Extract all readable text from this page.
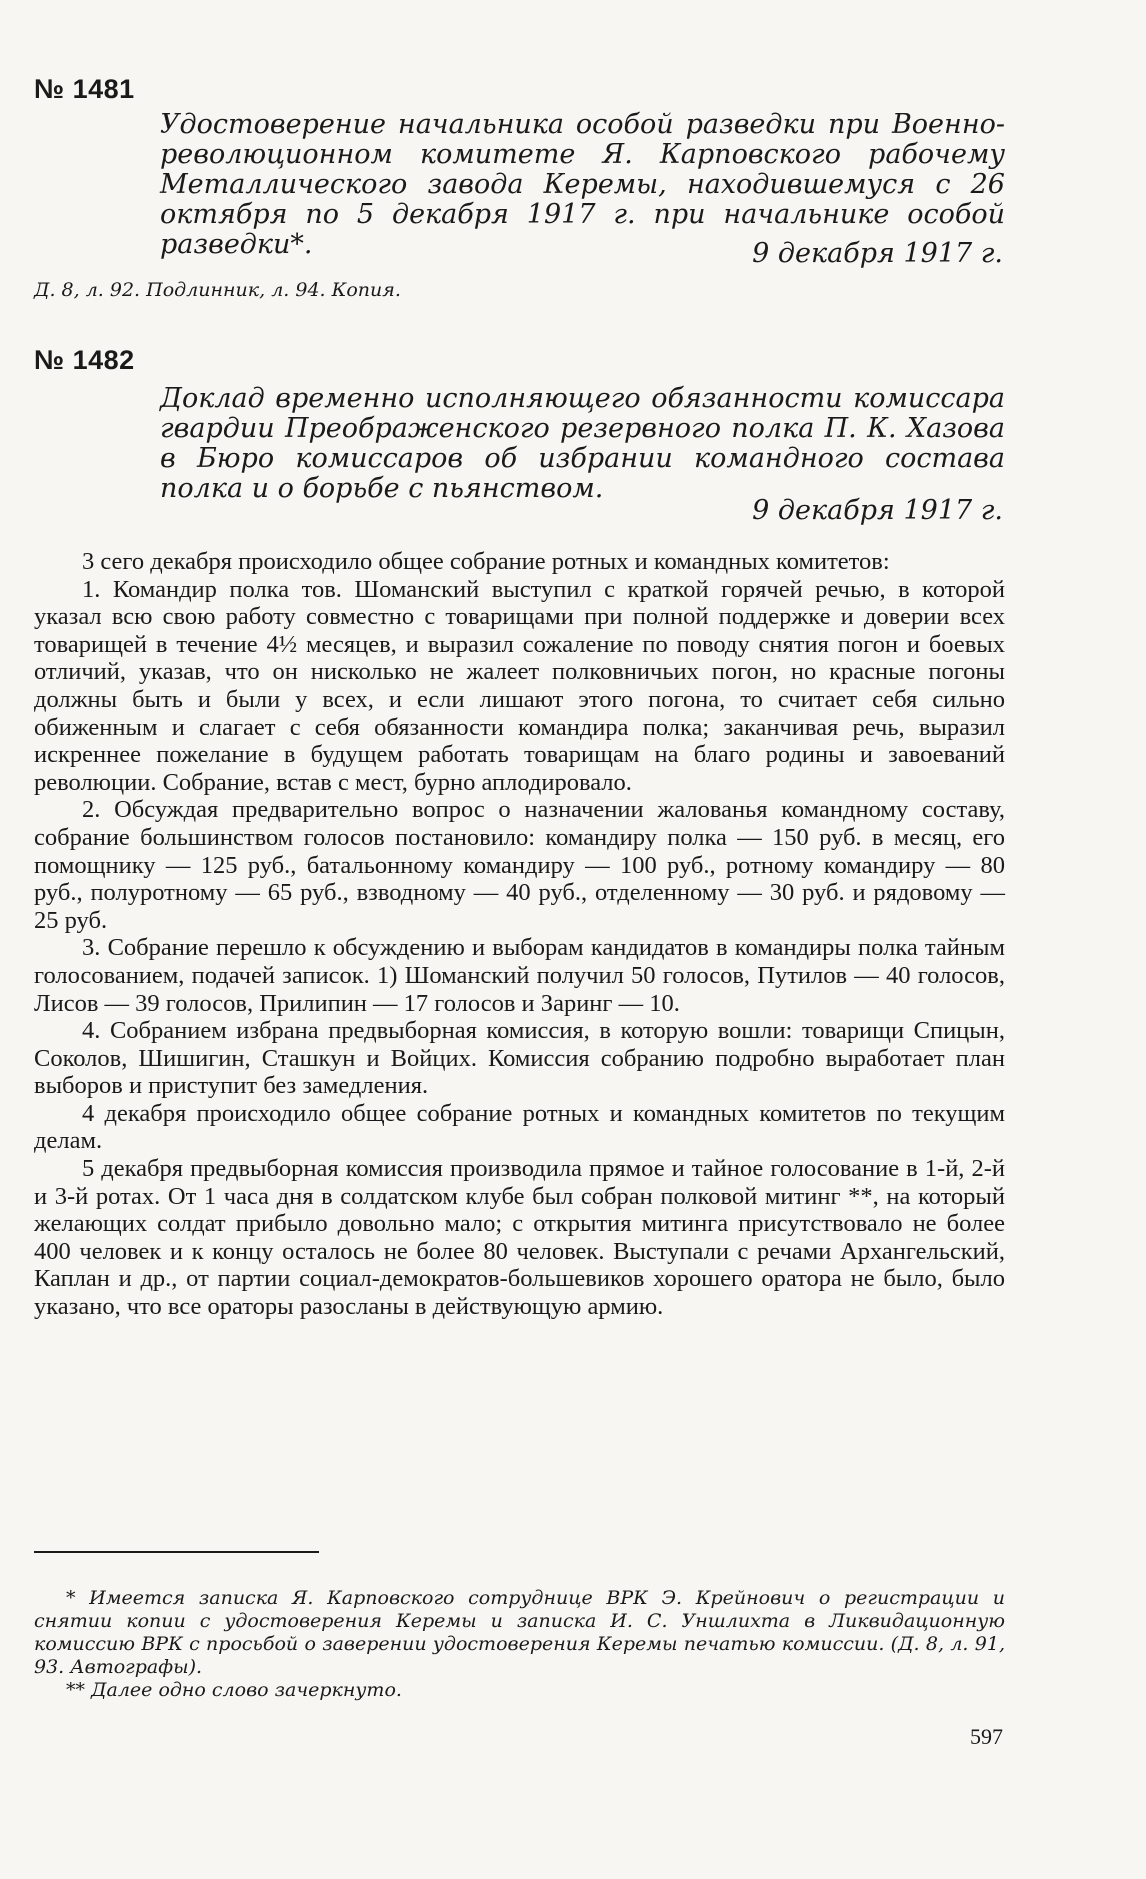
№ 1481
Удостоверение начальника особой разведки при Военно-революционном комитете Я. Карповского рабочему Металлического завода Керемы, находившемуся с 26 октября по 5 декабря 1917 г. при начальнике особой разведки*.	9 декабря 1917 г.
Д. 8, л. 92. Подлинник, л. 94. Копия.
№ 1482
Доклад временно исполняющего обязанности комиссара гвардии Преображенского резервного полка П. К. Хазова в Бюро комиссаров об избрании командного состава полка и о борьбе с пьянством.
9 декабря 1917 г.

3 сего декабря происходило общее собрание ротных и командных комитетов:

1. Командир полка тов. Шоманский выступил с краткой горячей речью, в которой указал всю свою работу совместно с товарищами при полной поддержке и доверии всех товарищей в течение 4½ месяцев, и выразил сожаление по поводу снятия погон и боевых отличий, указав, что он нисколько не жалеет полковничьих погон, но красные погоны должны быть и были у всех, и если лишают этого погона, то считает себя сильно обиженным и слагает с себя обязанности командира полка; заканчивая речь, выразил искреннее пожелание в будущем работать товарищам на благо родины и завоеваний революции. Собрание, встав с мест, бурно аплодировало.

2. Обсуждая предварительно вопрос о назначении жалованья командному составу, собрание большинством голосов постановило: командиру полка — 150 руб. в месяц, его помощнику — 125 руб., батальонному командиру — 100 руб., ротному командиру — 80 руб., полуротному — 65 руб., взводному — 40 руб., отделенному — 30 руб. и рядовому — 25 руб.

3. Собрание перешло к обсуждению и выборам кандидатов в командиры полка тайным голосованием, подачей записок. 1) Шоманский получил 50 голосов, Путилов — 40 голосов, Лисов — 39 голосов, Прилипин — 17 голосов и Заринг — 10.

4. Собранием избрана предвыборная комиссия, в которую вошли: товарищи Спицын, Соколов, Шишигин, Сташкун и Войцих. Комиссия собранию подробно выработает план выборов и приступит без замедления.

4 декабря происходило общее собрание ротных и командных комитетов по текущим делам.

5 декабря предвыборная комиссия производила прямое и тайное голосование в 1-й, 2-й и 3-й ротах. От 1 часа дня в солдатском клубе был собран полковой митинг **, на который желающих солдат прибыло довольно мало; с открытия митинга присутствовало не более 400 человек и к концу осталось не более 80 человек. Выступали с речами Архангельский, Каплан и др., от партии социал-демократов-большевиков хорошего оратора не было, было указано, что все ораторы разосланы в действующую армию.

* Имеется записка Я. Карповского сотруднице ВРК Э. Крейнович о регистрации и снятии копии с удостоверения Керемы и записка И. С. Уншлихта в Ликвидационную комиссию ВРК с просьбой о заверении удостоверения Керемы печатью комиссии. (Д. 8, л. 91, 93. Автографы).

** Далее одно слово зачеркнуто.

597
